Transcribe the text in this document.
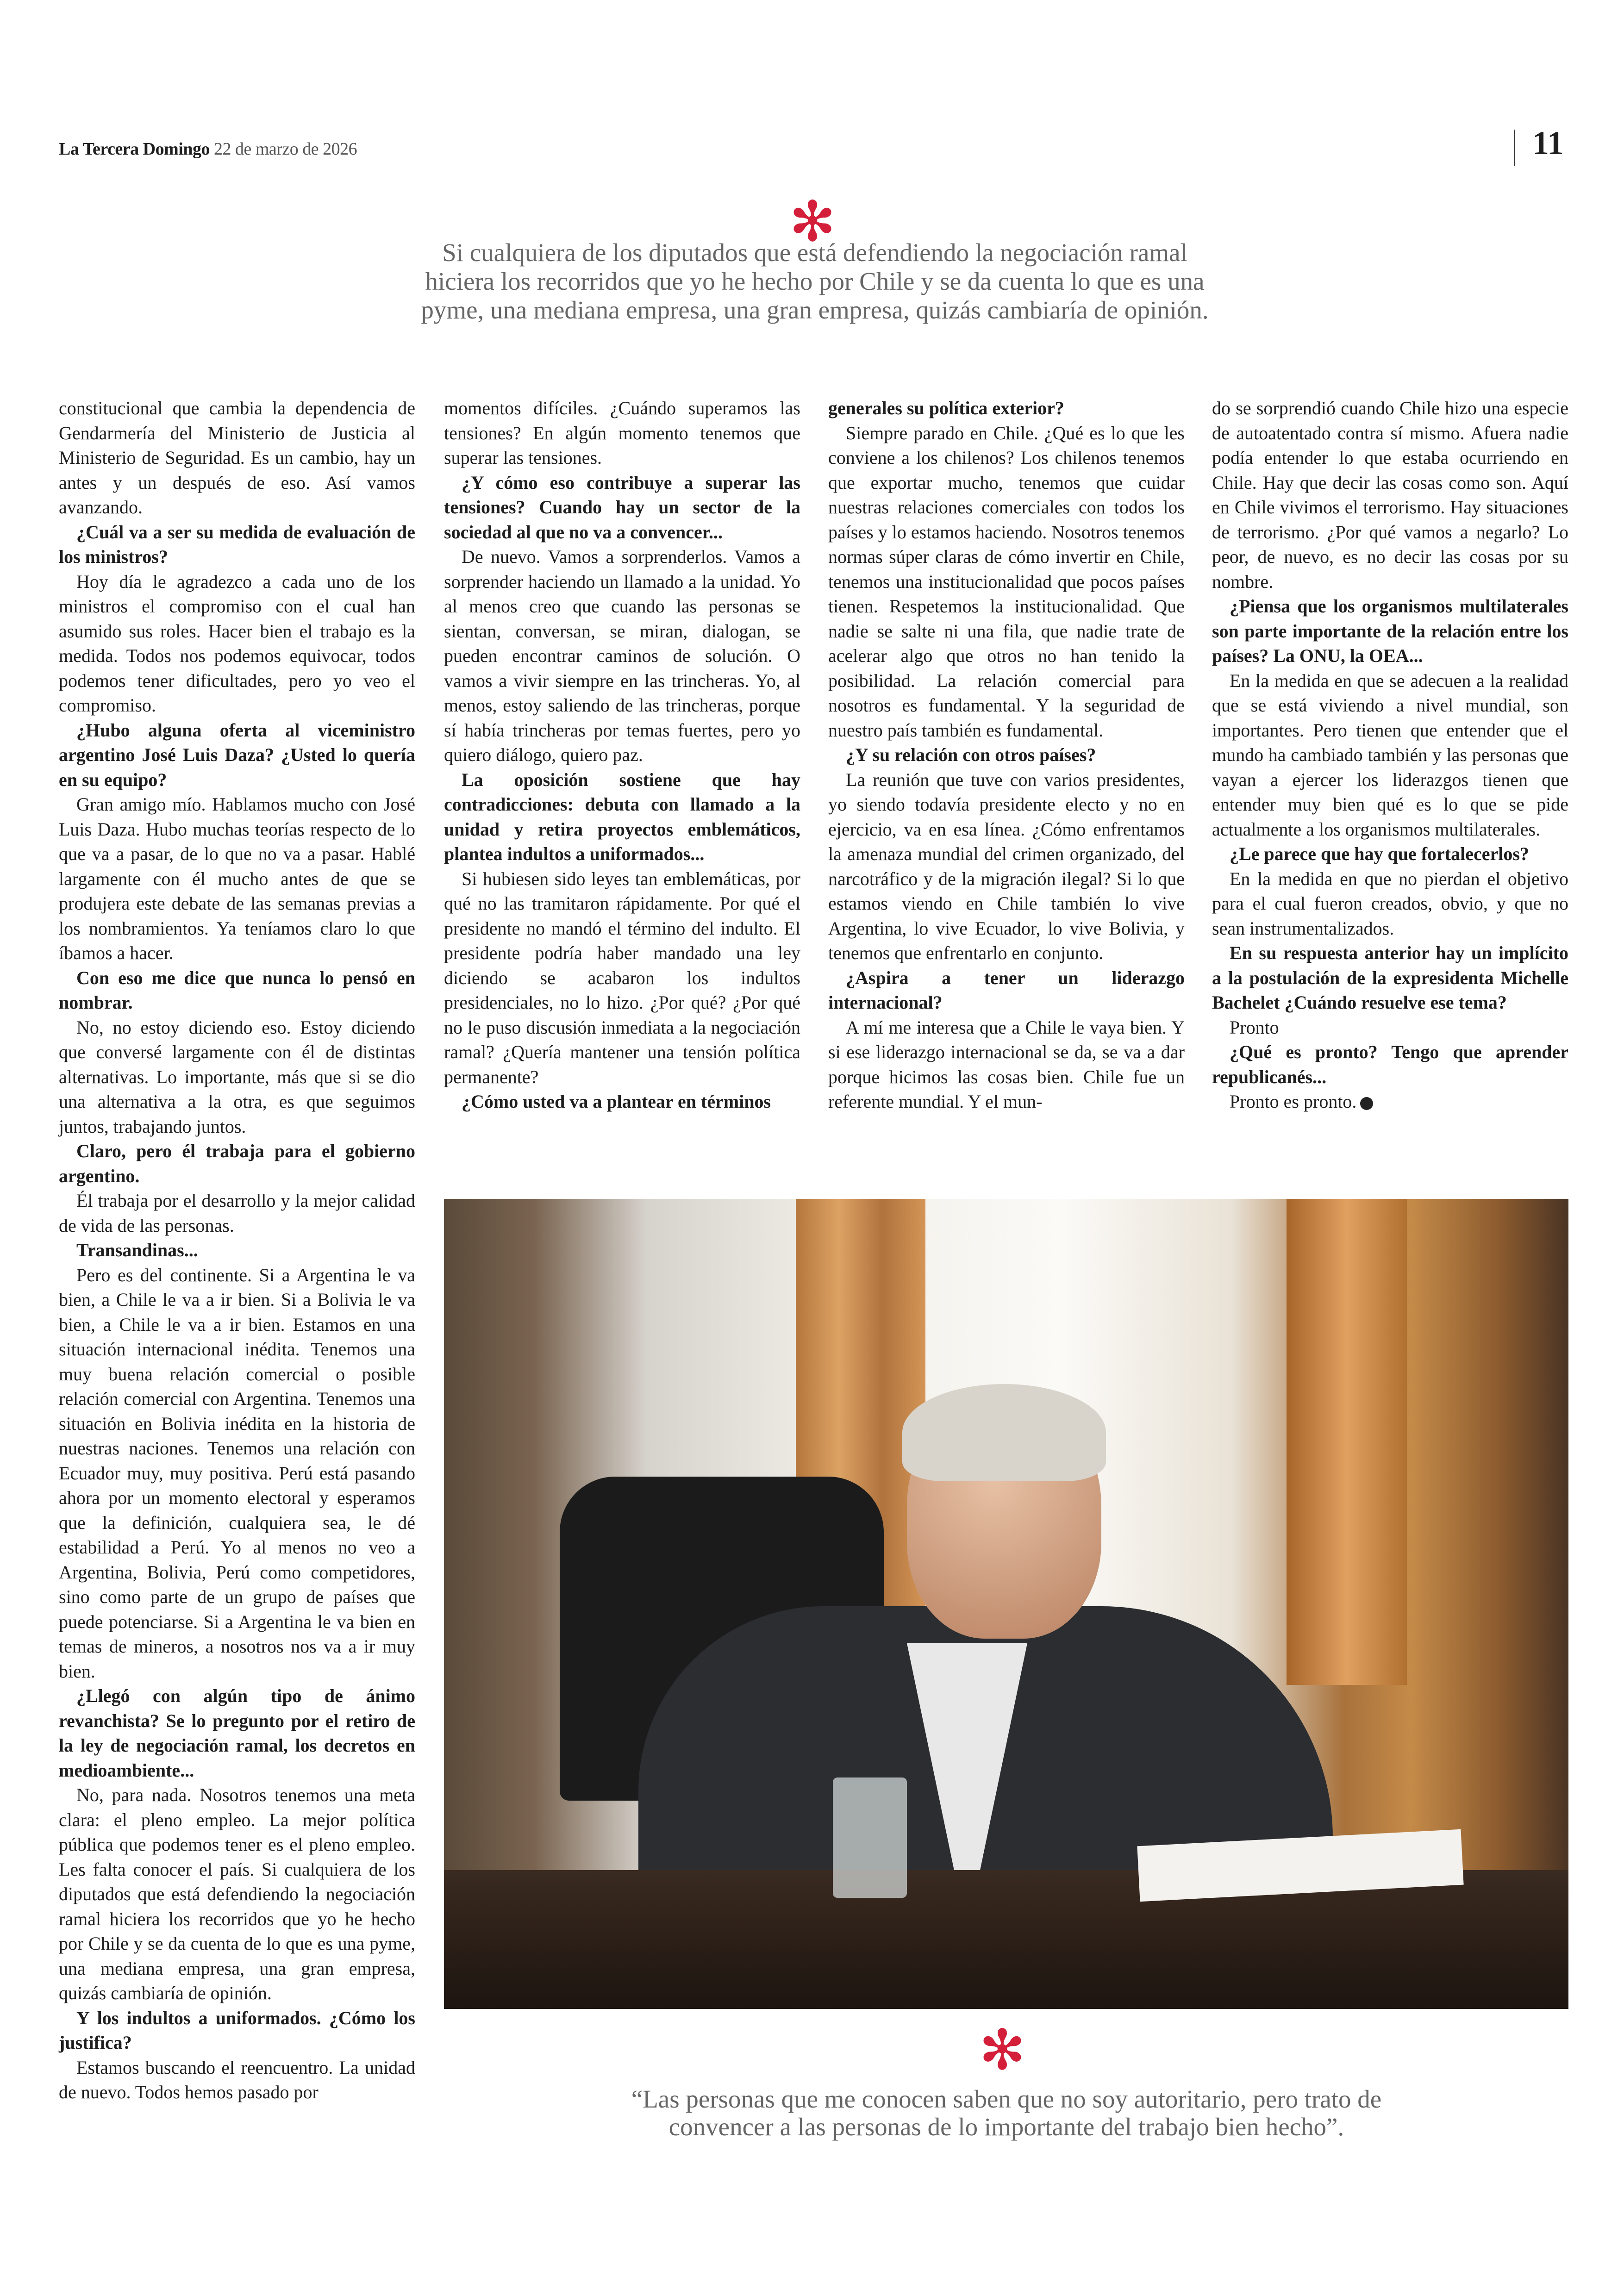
La Tercera Domingo 22 de marzo de 2026	11
✻
Si cualquiera de los diputados que está defendiendo la negociación ramal hiciera los recorridos que yo he hecho por Chile y se da cuenta lo que es una pyme, una mediana empresa, una gran empresa, quizás cambiaría de opinión.

constitucional que cambia la dependencia de Gendarmería del Ministerio de Justicia al Ministerio de Seguridad. Es un cambio, hay un antes y un después de eso. Así vamos avanzando.

¿Cuál va a ser su medida de evaluación de los ministros?

Hoy día le agradezco a cada uno de los ministros el compromiso con el cual han asumido sus roles. Hacer bien el trabajo es la medida. Todos nos podemos equivocar, todos podemos tener dificultades, pero yo veo el compromiso.

¿Hubo alguna oferta al viceministro argentino José Luis Daza? ¿Usted lo quería en su equipo?

Gran amigo mío. Hablamos mucho con José Luis Daza. Hubo muchas teorías respecto de lo que va a pasar, de lo que no va a pasar. Hablé largamente con él mucho antes de que se produjera este debate de las semanas previas a los nombramientos. Ya teníamos claro lo que íbamos a hacer.

Con eso me dice que nunca lo pensó en nombrar.

No, no estoy diciendo eso. Estoy diciendo que conversé largamente con él de distintas alternativas. Lo importante, más que si se dio una alternativa a la otra, es que seguimos juntos, trabajando juntos.

Claro, pero él trabaja para el gobierno argentino.

Él trabaja por el desarrollo y la mejor calidad de vida de las personas.

Transandinas...

Pero es del continente. Si a Argentina le va bien, a Chile le va a ir bien. Si a Bolivia le va bien, a Chile le va a ir bien. Estamos en una situación internacional inédita. Tenemos una muy buena relación comercial o posible relación comercial con Argentina. Tenemos una situación en Bolivia inédita en la historia de nuestras naciones. Tenemos una relación con Ecuador muy, muy positiva. Perú está pasando ahora por un momento electoral y esperamos que la definición, cualquiera sea, le dé estabilidad a Perú. Yo al menos no veo a Argentina, Bolivia, Perú como competidores, sino como parte de un grupo de países que puede potenciarse. Si a Argentina le va bien en temas de mineros, a nosotros nos va a ir muy bien.

¿Llegó con algún tipo de ánimo revanchista? Se lo pregunto por el retiro de la ley de negociación ramal, los decretos en medioambiente...

No, para nada. Nosotros tenemos una meta clara: el pleno empleo. La mejor política pública que podemos tener es el pleno empleo. Les falta conocer el país. Si cualquiera de los diputados que está defendiendo la negociación ramal hiciera los recorridos que yo he hecho por Chile y se da cuenta de lo que es una pyme, una mediana empresa, una gran empresa, quizás cambiaría de opinión.

Y los indultos a uniformados. ¿Cómo los justifica?

Estamos buscando el reencuentro. La unidad de nuevo. Todos hemos pasado por

momentos difíciles. ¿Cuándo superamos las tensiones? En algún momento tenemos que superar las tensiones.

¿Y cómo eso contribuye a superar las tensiones? Cuando hay un sector de la sociedad al que no va a convencer...

De nuevo. Vamos a sorprenderlos. Vamos a sorprender haciendo un llamado a la unidad. Yo al menos creo que cuando las personas se sientan, conversan, se miran, dialogan, se pueden encontrar caminos de solución. O vamos a vivir siempre en las trincheras. Yo, al menos, estoy saliendo de las trincheras, porque sí había trincheras por temas fuertes, pero yo quiero diálogo, quiero paz.

La oposición sostiene que hay contradicciones: debuta con llamado a la unidad y retira proyectos emblemáticos, plantea indultos a uniformados...

Si hubiesen sido leyes tan emblemáticas, por qué no las tramitaron rápidamente. Por qué el presidente no mandó el término del indulto. El presidente podría haber mandado una ley diciendo se acabaron los indultos presidenciales, no lo hizo. ¿Por qué? ¿Por qué no le puso discusión inmediata a la negociación ramal? ¿Quería mantener una tensión política permanente?

¿Cómo usted va a plantear en términos

generales su política exterior?

Siempre parado en Chile. ¿Qué es lo que les conviene a los chilenos? Los chilenos tenemos que exportar mucho, tenemos que cuidar nuestras relaciones comerciales con todos los países y lo estamos haciendo. Nosotros tenemos normas súper claras de cómo invertir en Chile, tenemos una institucionalidad que pocos países tienen. Respetemos la institucionalidad. Que nadie se salte ni una fila, que nadie trate de acelerar algo que otros no han tenido la posibilidad. La relación comercial para nosotros es fundamental. Y la seguridad de nuestro país también es fundamental.

¿Y su relación con otros países?

La reunión que tuve con varios presidentes, yo siendo todavía presidente electo y no en ejercicio, va en esa línea. ¿Cómo enfrentamos la amenaza mundial del crimen organizado, del narcotráfico y de la migración ilegal? Si lo que estamos viendo en Chile también lo vive Argentina, lo vive Ecuador, lo vive Bolivia, y tenemos que enfrentarlo en conjunto.

¿Aspira a tener un liderazgo internacional?

A mí me interesa que a Chile le vaya bien. Y si ese liderazgo internacional se da, se va a dar porque hicimos las cosas bien. Chile fue un referente mundial. Y el mun-

do se sorprendió cuando Chile hizo una especie de autoatentado contra sí mismo. Afuera nadie podía entender lo que estaba ocurriendo en Chile. Hay que decir las cosas como son. Aquí en Chile vivimos el terrorismo. Hay situaciones de terrorismo. ¿Por qué vamos a negarlo? Lo peor, de nuevo, es no decir las cosas por su nombre.

¿Piensa que los organismos multilaterales son parte importante de la relación entre los países? La ONU, la OEA...

En la medida en que se adecuen a la realidad que se está viviendo a nivel mundial, son importantes. Pero tienen que entender que el mundo ha cambiado también y las personas que vayan a ejercer los liderazgos tienen que entender muy bien qué es lo que se pide actualmente a los organismos multilaterales.

¿Le parece que hay que fortalecerlos?

En la medida en que no pierdan el objetivo para el cual fueron creados, obvio, y que no sean instrumentalizados.

En su respuesta anterior hay un implícito a la postulación de la expresidenta Michelle Bachelet ¿Cuándo resuelve ese tema?

Pronto

¿Qué es pronto? Tengo que aprender republicanés...

Pronto es pronto.

✻
“Las personas que me conocen saben que no soy autoritario, pero trato de convencer a las personas de lo importante del trabajo bien hecho”.
